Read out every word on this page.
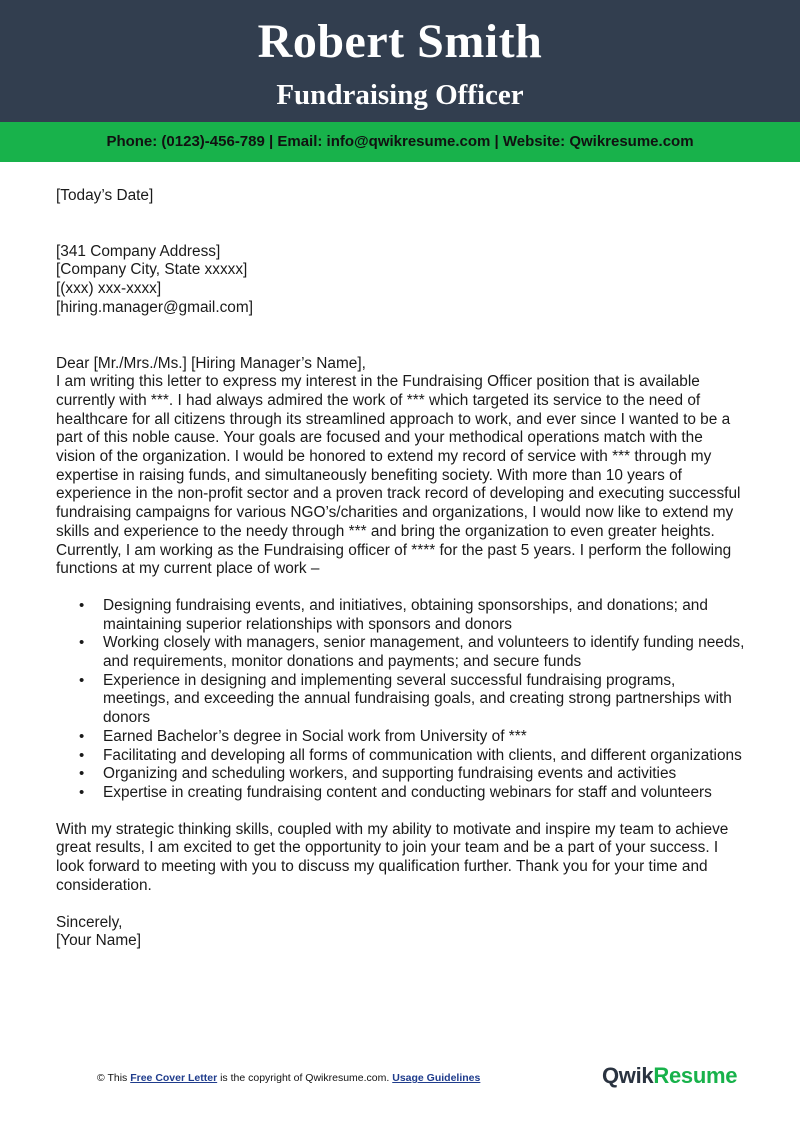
Robert Smith
Fundraising Officer
Phone: (0123)-456-789 | Email: info@qwikresume.com | Website: Qwikresume.com

[Today’s Date]

[341 Company Address]
[Company City, State xxxxx]
[(xxx) xxx-xxxx]
[hiring.manager@gmail.com]

Dear [Mr./Mrs./Ms.] [Hiring Manager’s Name],

I am writing this letter to express my interest in the Fundraising Officer position that is available currently with ***. I had always admired the work of *** which targeted its service to the need of healthcare for all citizens through its streamlined approach to work, and ever since I wanted to be a part of this noble cause. Your goals are focused and your methodical operations match with the vision of the organization. I would be honored to extend my record of service with *** through my expertise in raising funds, and simultaneously benefiting society. With more than 10 years of experience in the non-profit sector and a proven track record of developing and executing successful fundraising campaigns for various NGO’s/charities and organizations, I would now like to extend my skills and experience to the needy through *** and bring the organization to even greater heights.

Currently, I am working as the Fundraising officer of **** for the past 5 years. I perform the following functions at my current place of work –

• Designing fundraising events, and initiatives, obtaining sponsorships, and donations; and maintaining superior relationships with sponsors and donors
• Working closely with managers, senior management, and volunteers to identify funding needs, and requirements, monitor donations and payments; and secure funds
• Experience in designing and implementing several successful fundraising programs, meetings, and exceeding the annual fundraising goals, and creating strong partnerships with donors
• Earned Bachelor’s degree in Social work from University of ***
• Facilitating and developing all forms of communication with clients, and different organizations
• Organizing and scheduling workers, and supporting fundraising events and activities
• Expertise in creating fundraising content and conducting webinars for staff and volunteers

With my strategic thinking skills, coupled with my ability to motivate and inspire my team to achieve great results, I am excited to get the opportunity to join your team and be a part of your success. I look forward to meeting with you to discuss my qualification further. Thank you for your time and consideration.

Sincerely,

[Your Name]

© This Free Cover Letter is the copyright of Qwikresume.com. Usage Guidelines	QwikResume
